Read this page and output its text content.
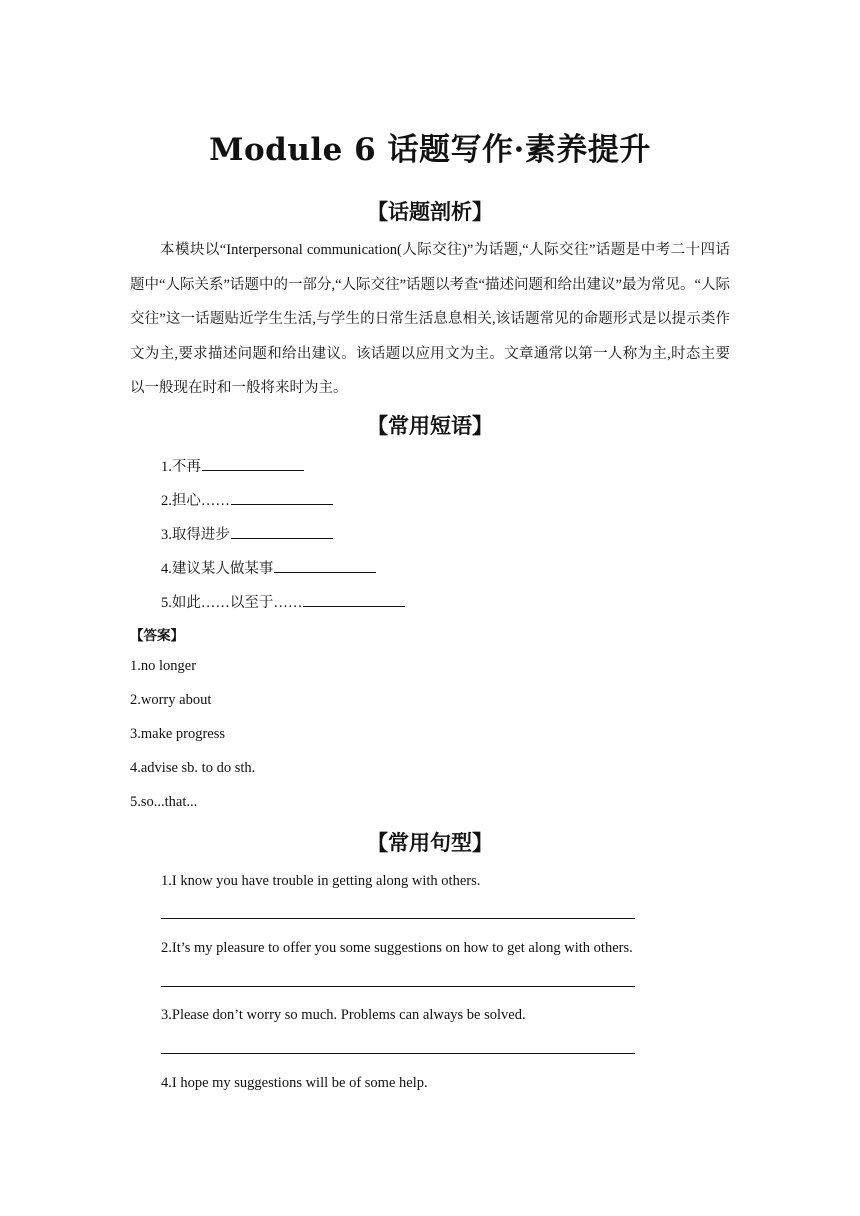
Module 6 话题写作·素养提升
【话题剖析】
本模块以“Interpersonal communication(人际交往)”为话题,“人际交往”话题是中考二十四话题中“人际关系”话题中的一部分,“人际交往”话题以考查“描述问题和给出建议”最为常见。“人际交往”这一话题贴近学生生活,与学生的日常生活息息相关,该话题常见的命题形式是以提示类作文为主,要求描述问题和给出建议。该话题以应用文为主。文章通常以第一人称为主,时态主要以一般现在时和一般将来时为主。
【常用短语】
1.不再
2.担心……
3.取得进步
4.建议某人做某事
5.如此……以至于……
【答案】
1.no longer
2.worry about
3.make progress
4.advise sb. to do sth.
5.so...that...
【常用句型】
1.I know you have trouble in getting along with others.
2.It’s my pleasure to offer you some suggestions on how to get along with others.
3.Please don’t worry so much. Problems can always be solved.
4.I hope my suggestions will be of some help.
